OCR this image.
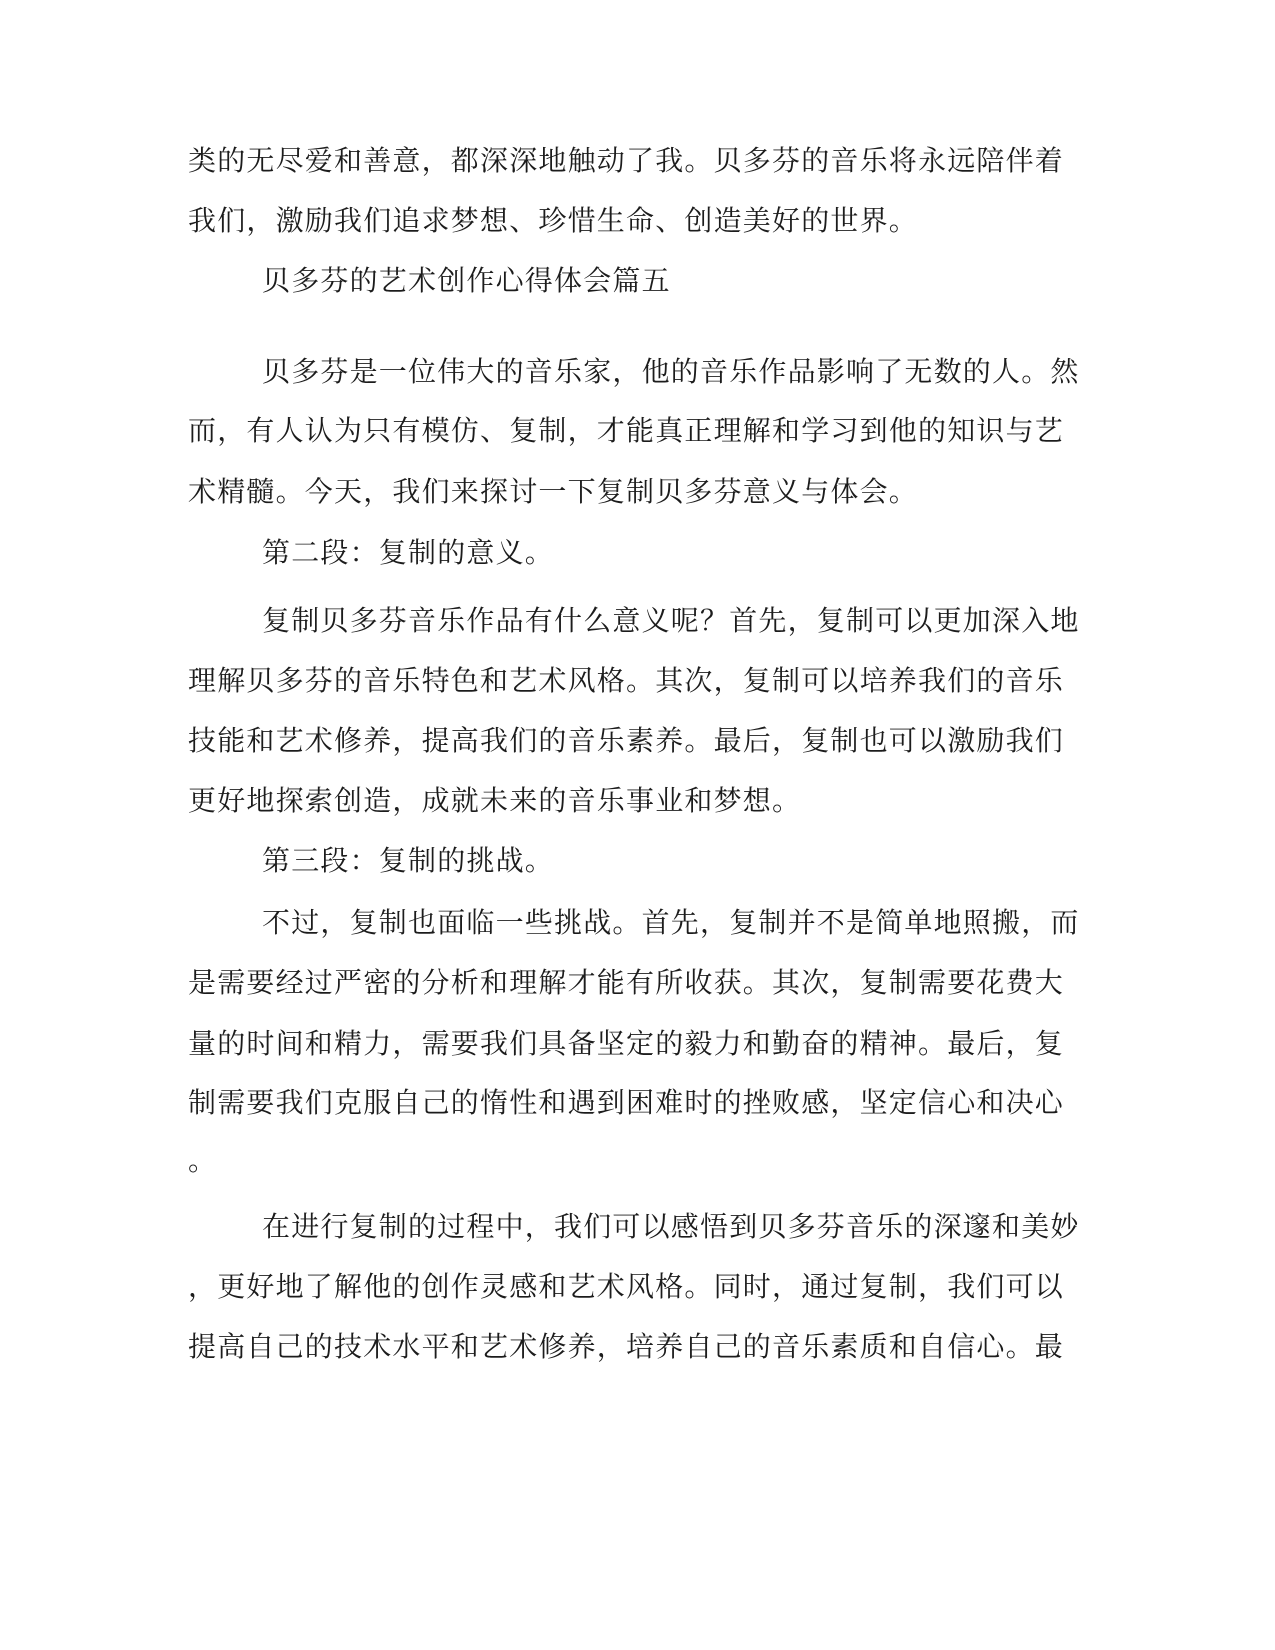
类的无尽爱和善意，都深深地触动了我。贝多芬的音乐将永远陪伴着
我们，激励我们追求梦想、珍惜生命、创造美好的世界。
贝多芬的艺术创作心得体会篇五
贝多芬是一位伟大的音乐家，他的音乐作品影响了无数的人。然
而，有人认为只有模仿、复制，才能真正理解和学习到他的知识与艺
术精髓。今天，我们来探讨一下复制贝多芬意义与体会。
第二段：复制的意义。
复制贝多芬音乐作品有什么意义呢？首先，复制可以更加深入地
理解贝多芬的音乐特色和艺术风格。其次，复制可以培养我们的音乐
技能和艺术修养，提高我们的音乐素养。最后，复制也可以激励我们
更好地探索创造，成就未来的音乐事业和梦想。
第三段：复制的挑战。
不过，复制也面临一些挑战。首先，复制并不是简单地照搬，而
是需要经过严密的分析和理解才能有所收获。其次，复制需要花费大
量的时间和精力，需要我们具备坚定的毅力和勤奋的精神。最后，复
制需要我们克服自己的惰性和遇到困难时的挫败感，坚定信心和决心
。
在进行复制的过程中，我们可以感悟到贝多芬音乐的深邃和美妙
，更好地了解他的创作灵感和艺术风格。同时，通过复制，我们可以
提高自己的技术水平和艺术修养，培养自己的音乐素质和自信心。最
